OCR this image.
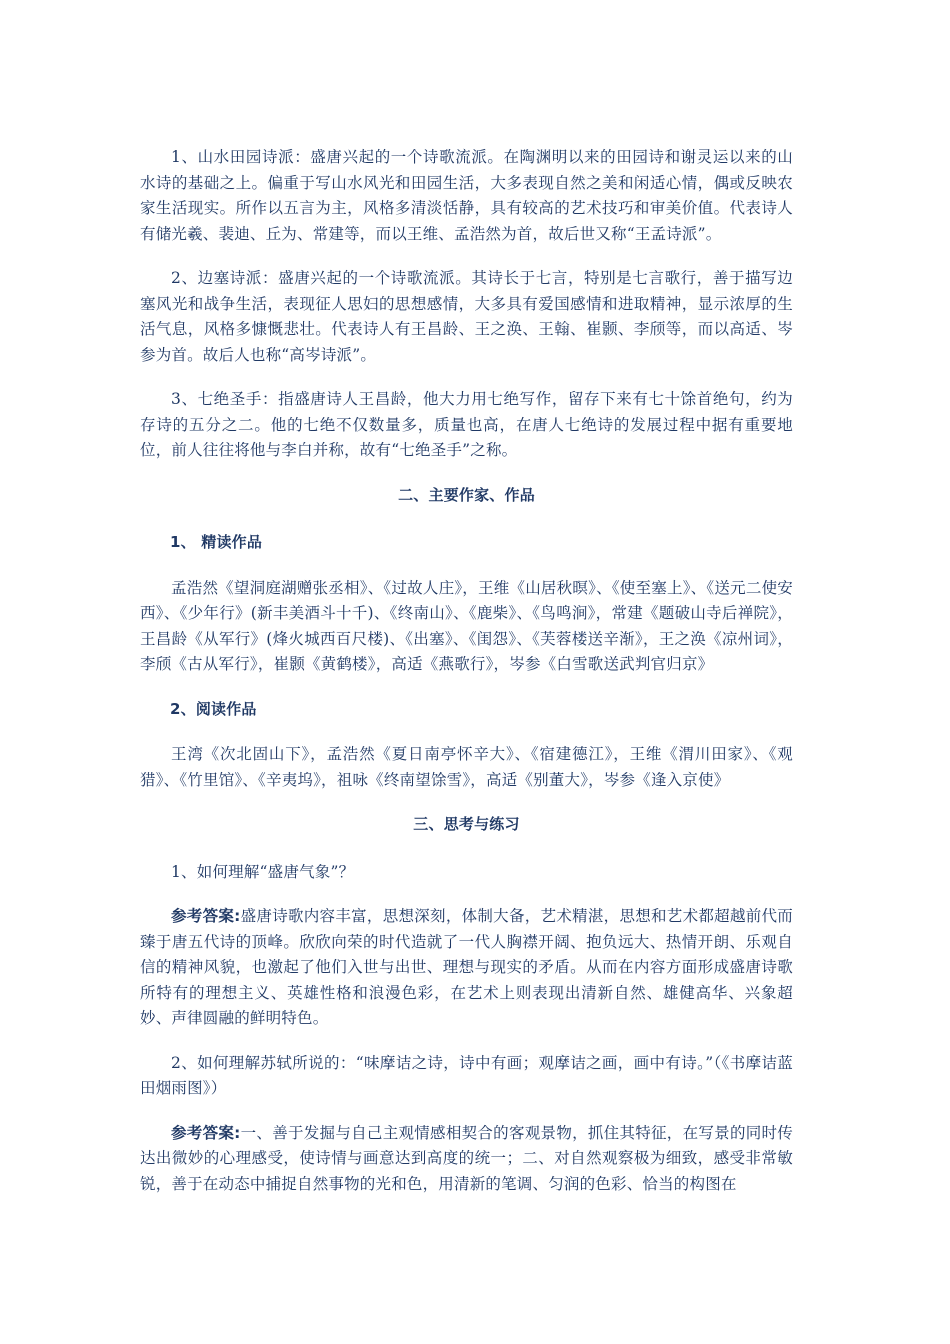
1、山水田园诗派：盛唐兴起的一个诗歌流派。在陶渊明以来的田园诗和谢灵运以来的山水诗的基础之上。偏重于写山水风光和田园生活，大多表现自然之美和闲适心情，偶或反映农家生活现实。所作以五言为主，风格多清淡恬静，具有较高的艺术技巧和审美价值。代表诗人有储光羲、裴迪、丘为、常建等，而以王维、孟浩然为首，故后世又称“王孟诗派”。

2、边塞诗派：盛唐兴起的一个诗歌流派。其诗长于七言，特别是七言歌行，善于描写边塞风光和战争生活，表现征人思妇的思想感情，大多具有爱国感情和进取精神，显示浓厚的生活气息，风格多慷慨悲壮。代表诗人有王昌龄、王之涣、王翰、崔颢、李颀等，而以高适、岑参为首。故后人也称“高岑诗派”。

3、七绝圣手：指盛唐诗人王昌龄，他大力用七绝写作，留存下来有七十馀首绝句，约为存诗的五分之二。他的七绝不仅数量多，质量也高，在唐人七绝诗的发展过程中据有重要地位，前人往往将他与李白并称，故有“七绝圣手”之称。

二、主要作家、作品

1、 精读作品

孟浩然《望洞庭湖赠张丞相》、《过故人庄》，王维《山居秋暝》、《使至塞上》、《送元二使安西》、《少年行》(新丰美酒斗十千)、《终南山》、《鹿柴》、《鸟鸣涧》，常建《题破山寺后禅院》，王昌龄《从军行》(烽火城西百尺楼)、《出塞》、《闺怨》、《芙蓉楼送辛渐》，王之涣《凉州词》，李颀《古从军行》，崔颢《黄鹤楼》，高适《燕歌行》，岑参《白雪歌送武判官归京》

2、阅读作品

王湾《次北固山下》，孟浩然《夏日南亭怀辛大》、《宿建德江》，王维《渭川田家》、《观猎》、《竹里馆》、《辛夷坞》，祖咏《终南望馀雪》，高适《别董大》，岑参《逢入京使》

三、思考与练习

1、如何理解“盛唐气象”？

参考答案:盛唐诗歌内容丰富，思想深刻，体制大备，艺术精湛，思想和艺术都超越前代而臻于唐五代诗的顶峰。欣欣向荣的时代造就了一代人胸襟开阔、抱负远大、热情开朗、乐观自信的精神风貌，也激起了他们入世与出世、理想与现实的矛盾。从而在内容方面形成盛唐诗歌所特有的理想主义、英雄性格和浪漫色彩，在艺术上则表现出清新自然、雄健高华、兴象超妙、声律圆融的鲜明特色。

2、如何理解苏轼所说的：“味摩诘之诗，诗中有画；观摩诘之画，画中有诗。”（《书摩诘蓝田烟雨图》）

参考答案:一、善于发掘与自己主观情感相契合的客观景物，抓住其特征，在写景的同时传达出微妙的心理感受，使诗情与画意达到高度的统一；二、对自然观察极为细致，感受非常敏锐，善于在动态中捕捉自然事物的光和色，用清新的笔调、匀润的色彩、恰当的构图在
